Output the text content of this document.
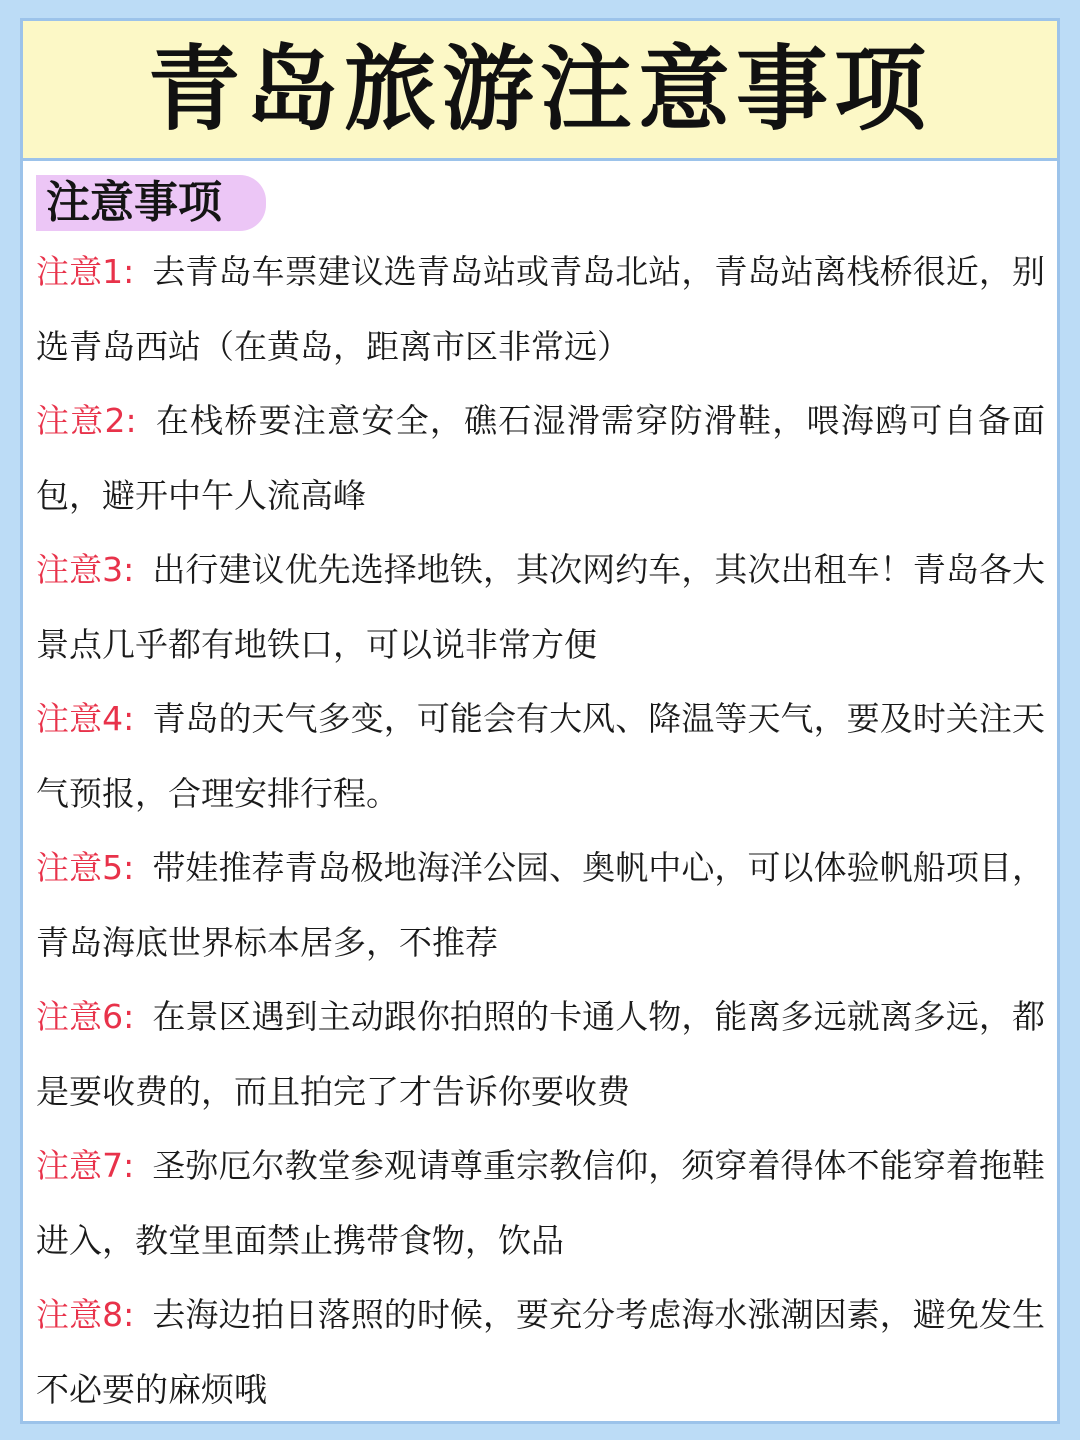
青岛旅游注意事项
注意事项
注意1: 去青岛车票建议选青岛站或青岛北站，青岛站离栈桥很近，别选青岛西站（在黄岛，距离市区非常远）
注意2: 在栈桥要注意安全，礁石湿滑需穿防滑鞋，喂海鸥可自备面包，避开中午人流高峰
注意3: 出行建议优先选择地铁，其次网约车，其次出租车！青岛各大景点几乎都有地铁口，可以说非常方便
注意4: 青岛的天气多变，可能会有大风、降温等天气，要及时关注天气预报，合理安排行程。
注意5: 带娃推荐青岛极地海洋公园、奥帆中心，可以体验帆船项目，青岛海底世界标本居多，不推荐
注意6: 在景区遇到主动跟你拍照的卡通人物，能离多远就离多远，都是要收费的，而且拍完了才告诉你要收费
注意7: 圣弥厄尔教堂参观请尊重宗教信仰，须穿着得体不能穿着拖鞋进入，教堂里面禁止携带食物，饮品
注意8: 去海边拍日落照的时候，要充分考虑海水涨潮因素，避免发生不必要的麻烦哦
